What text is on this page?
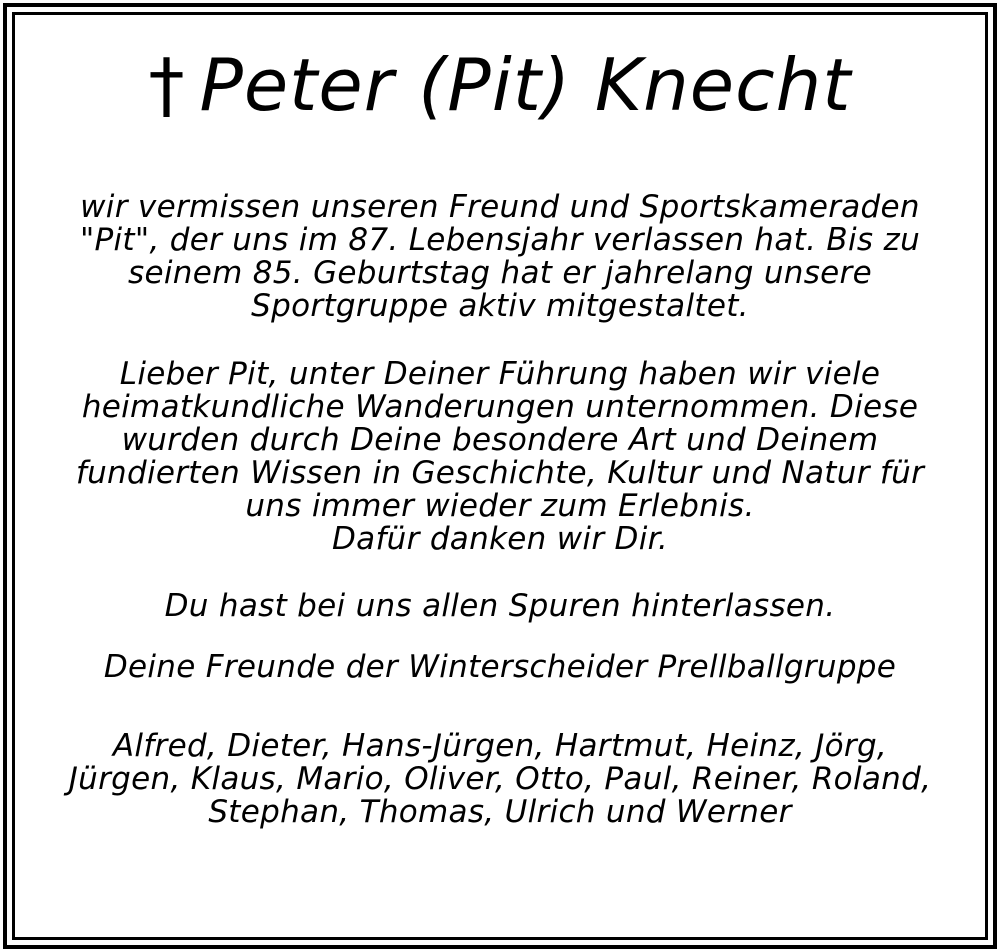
† Peter (Pit) Knecht
wir vermissen unseren Freund und Sportskameraden
"Pit", der uns im 87. Lebensjahr verlassen hat. Bis zu
seinem 85. Geburtstag hat er jahrelang unsere
Sportgruppe aktiv mitgestaltet.
Lieber Pit, unter Deiner Führung haben wir viele
heimatkundliche Wanderungen unternommen. Diese
wurden durch Deine besondere Art und Deinem
fundierten Wissen in Geschichte, Kultur und Natur für
uns immer wieder zum Erlebnis.
Dafür danken wir Dir.
Du hast bei uns allen Spuren hinterlassen.
Deine Freunde der Winterscheider Prellballgruppe
Alfred, Dieter, Hans-Jürgen, Hartmut, Heinz, Jörg,
Jürgen, Klaus, Mario, Oliver, Otto, Paul, Reiner, Roland,
Stephan, Thomas, Ulrich und Werner
